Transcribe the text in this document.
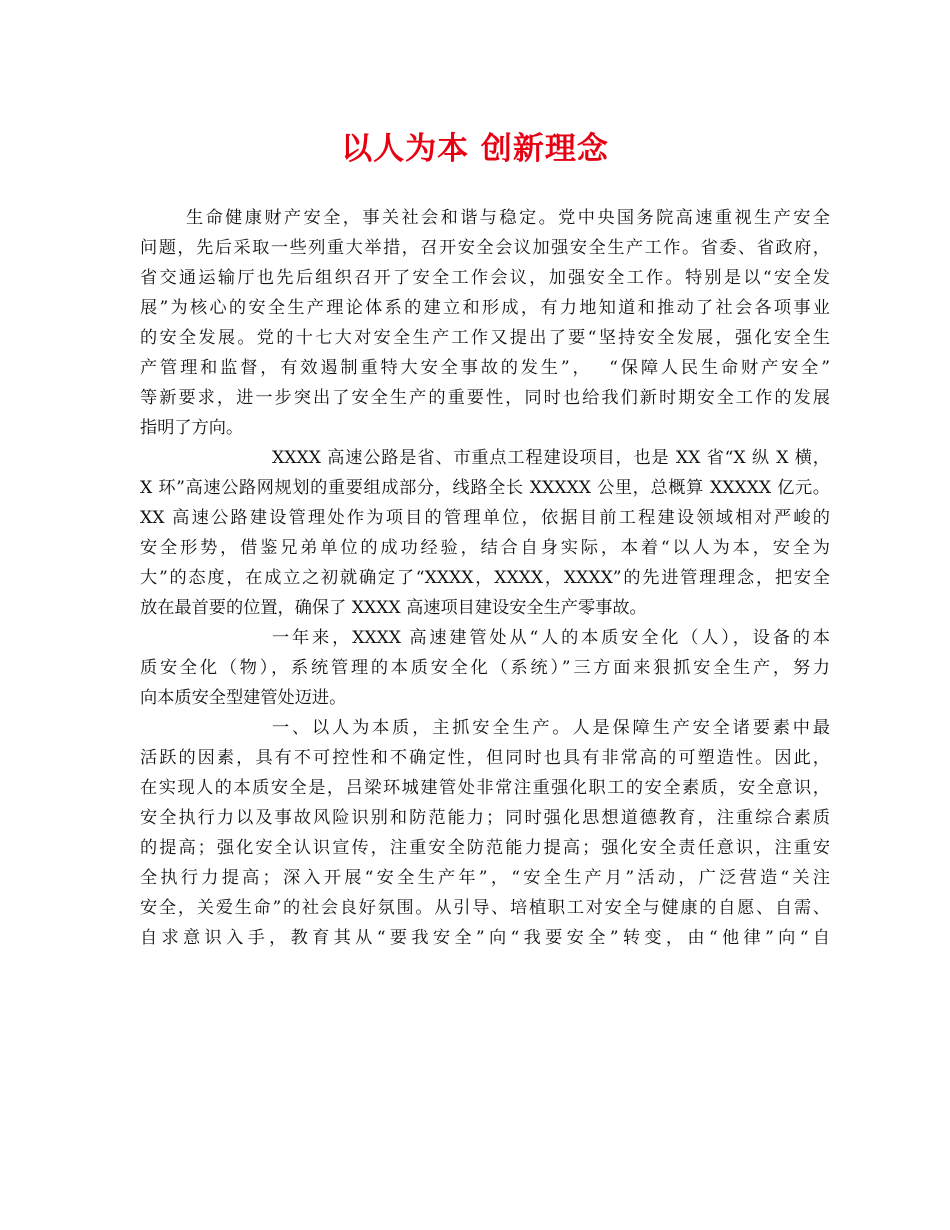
以人为本 创新理念
生命健康财产安全，事关社会和谐与稳定。党中央国务院高速重视生产安全
问题，先后采取一些列重大举措，召开安全会议加强安全生产工作。省委、省政府，
省交通运输厅也先后组织召开了安全工作会议，加强安全工作。特别是以“安全发
展”为核心的安全生产理论体系的建立和形成，有力地知道和推动了社会各项事业
的安全发展。党的十七大对安全生产工作又提出了要“坚持安全发展，强化安全生
产管理和监督，有效遏制重特大安全事故的发生”，  “保障人民生命财产安全”
等新要求，进一步突出了安全生产的重要性，同时也给我们新时期安全工作的发展
指明了方向。
XXXX 高速公路是省、市重点工程建设项目，也是 XX 省“X 纵 X 横，
X 环”高速公路网规划的重要组成部分，线路全长 XXXXX 公里，总概算 XXXXX 亿元。
XX 高速公路建设管理处作为项目的管理单位，依据目前工程建设领域相对严峻的
安全形势，借鉴兄弟单位的成功经验，结合自身实际，本着“以人为本，安全为
大”的态度，在成立之初就确定了“XXXX，XXXX，XXXX”的先进管理理念，把安全
放在最首要的位置，确保了 XXXX 高速项目建设安全生产零事故。
一年来，XXXX 高速建管处从“人的本质安全化（人），设备的本
质安全化（物），系统管理的本质安全化（系统）”三方面来狠抓安全生产，努力
向本质安全型建管处迈进。
一、以人为本质，主抓安全生产。人是保障生产安全诸要素中最
活跃的因素，具有不可控性和不确定性，但同时也具有非常高的可塑造性。因此，
在实现人的本质安全是，吕梁环城建管处非常注重强化职工的安全素质，安全意识，
安全执行力以及事故风险识别和防范能力；同时强化思想道德教育，注重综合素质
的提高；强化安全认识宣传，注重安全防范能力提高；强化安全责任意识，注重安
全执行力提高；深入开展“安全生产年”，“安全生产月”活动，广泛营造“关注
安全，关爱生命”的社会良好氛围。从引导、培植职工对安全与健康的自愿、自需、
自求意识入手，教育其从“要我安全”向“我要安全”转变，由“他律”向“自
